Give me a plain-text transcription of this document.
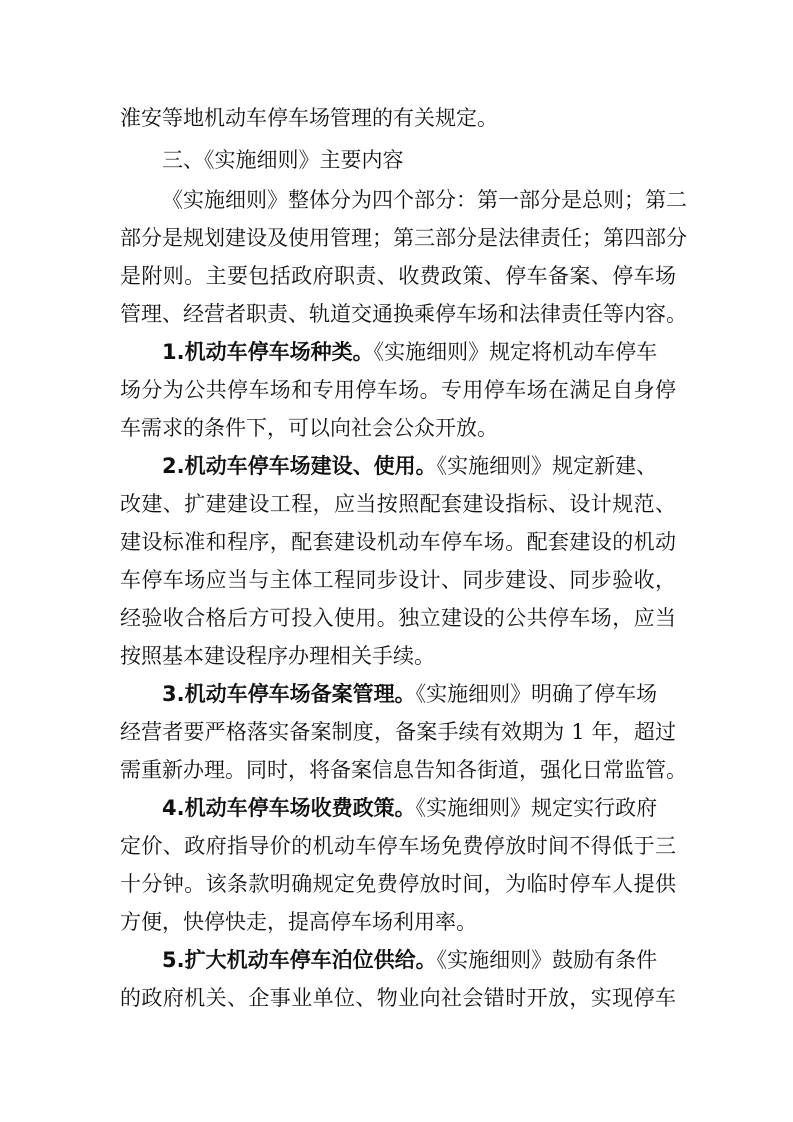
淮安等地机动车停车场管理的有关规定。
三、《实施细则》主要内容
《实施细则》整体分为四个部分：第一部分是总则；第二
部分是规划建设及使用管理；第三部分是法律责任；第四部分
是附则。主要包括政府职责、收费政策、停车备案、停车场
管理、经营者职责、轨道交通换乘停车场和法律责任等内容。
1.机动车停车场种类。《实施细则》规定将机动车停车
场分为公共停车场和专用停车场。专用停车场在满足自身停
车需求的条件下，可以向社会公众开放。
2.机动车停车场建设、使用。《实施细则》规定新建、
改建、扩建建设工程，应当按照配套建设指标、设计规范、
建设标准和程序，配套建设机动车停车场。配套建设的机动
车停车场应当与主体工程同步设计、同步建设、同步验收，
经验收合格后方可投入使用。独立建设的公共停车场，应当
按照基本建设程序办理相关手续。
3.机动车停车场备案管理。《实施细则》明确了停车场
经营者要严格落实备案制度，备案手续有效期为 1 年，超过
需重新办理。同时，将备案信息告知各街道，强化日常监管。
4.机动车停车场收费政策。《实施细则》规定实行政府
定价、政府指导价的机动车停车场免费停放时间不得低于三
十分钟。该条款明确规定免费停放时间，为临时停车人提供
方便，快停快走，提高停车场利用率。
5.扩大机动车停车泊位供给。《实施细则》鼓励有条件
的政府机关、企事业单位、物业向社会错时开放，实现停车
